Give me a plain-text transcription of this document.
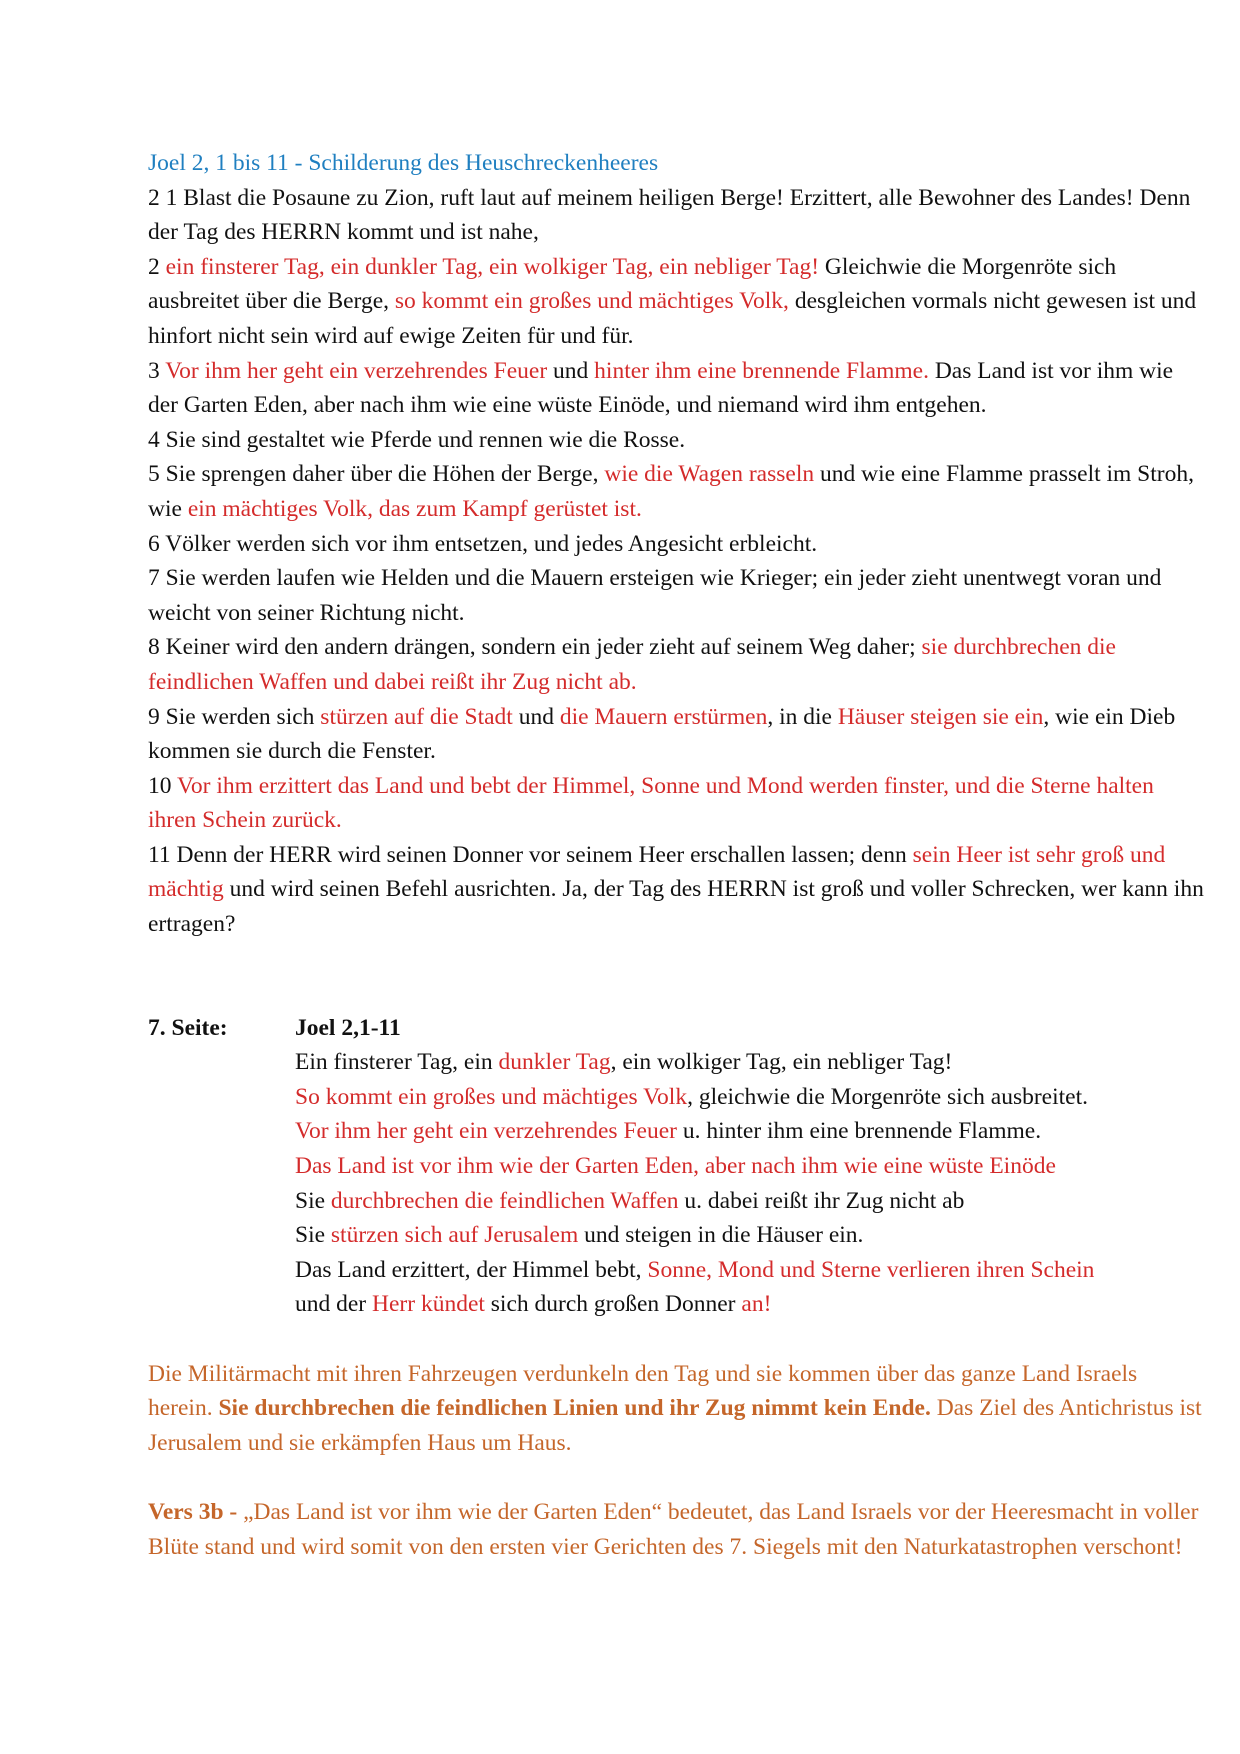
Joel 2, 1 bis 11 - Schilderung des Heuschreckenheeres

2 1 Blast die Posaune zu Zion, ruft laut auf meinem heiligen Berge! Erzittert, alle Bewohner des Landes! Denn der Tag des HERRN kommt und ist nahe,

2 ein finsterer Tag, ein dunkler Tag, ein wolkiger Tag, ein nebliger Tag! Gleichwie die Morgenröte sich ausbreitet über die Berge, so kommt ein großes und mächtiges Volk, desgleichen vormals nicht gewesen ist und hinfort nicht sein wird auf ewige Zeiten für und für.

3 Vor ihm her geht ein verzehrendes Feuer und hinter ihm eine brennende Flamme. Das Land ist vor ihm wie der Garten Eden, aber nach ihm wie eine wüste Einöde, und niemand wird ihm entgehen.

4 Sie sind gestaltet wie Pferde und rennen wie die Rosse.

5 Sie sprengen daher über die Höhen der Berge, wie die Wagen rasseln und wie eine Flamme prasselt im Stroh, wie ein mächtiges Volk, das zum Kampf gerüstet ist.

6 Völker werden sich vor ihm entsetzen, und jedes Angesicht erbleicht.

7 Sie werden laufen wie Helden und die Mauern ersteigen wie Krieger; ein jeder zieht unentwegt voran und weicht von seiner Richtung nicht.

8 Keiner wird den andern drängen, sondern ein jeder zieht auf seinem Weg daher; sie durchbrechen die feindlichen Waffen und dabei reißt ihr Zug nicht ab.

9 Sie werden sich stürzen auf die Stadt und die Mauern erstürmen, in die Häuser steigen sie ein, wie ein Dieb kommen sie durch die Fenster.

10 Vor ihm erzittert das Land und bebt der Himmel, Sonne und Mond werden finster, und die Sterne halten ihren Schein zurück.

11 Denn der HERR wird seinen Donner vor seinem Heer erschallen lassen; denn sein Heer ist sehr groß und mächtig und wird seinen Befehl ausrichten. Ja, der Tag des HERRN ist groß und voller Schrecken, wer kann ihn ertragen?

7. Seite:	Joel 2,1-11

Ein finsterer Tag, ein dunkler Tag, ein wolkiger Tag, ein nebliger Tag!

So kommt ein großes und mächtiges Volk, gleichwie die Morgenröte sich ausbreitet.

Vor ihm her geht ein verzehrendes Feuer u. hinter ihm eine brennende Flamme.

Das Land ist vor ihm wie der Garten Eden, aber nach ihm wie eine wüste Einöde

Sie durchbrechen die feindlichen Waffen u. dabei reißt ihr Zug nicht ab

Sie stürzen sich auf Jerusalem und steigen in die Häuser ein.

Das Land erzittert, der Himmel bebt, Sonne, Mond und Sterne verlieren ihren Schein

und der Herr kündet sich durch großen Donner an!

Die Militärmacht mit ihren Fahrzeugen verdunkeln den Tag und sie kommen über das ganze Land Israels herein. Sie durchbrechen die feindlichen Linien und ihr Zug nimmt kein Ende. Das Ziel des Antichristus ist Jerusalem und sie erkämpfen Haus um Haus.

Vers 3b - „Das Land ist vor ihm wie der Garten Eden“ bedeutet, das Land Israels vor der Heeresmacht in voller Blüte stand und wird somit von den ersten vier Gerichten des 7. Siegels mit den Naturkatastrophen verschont!
